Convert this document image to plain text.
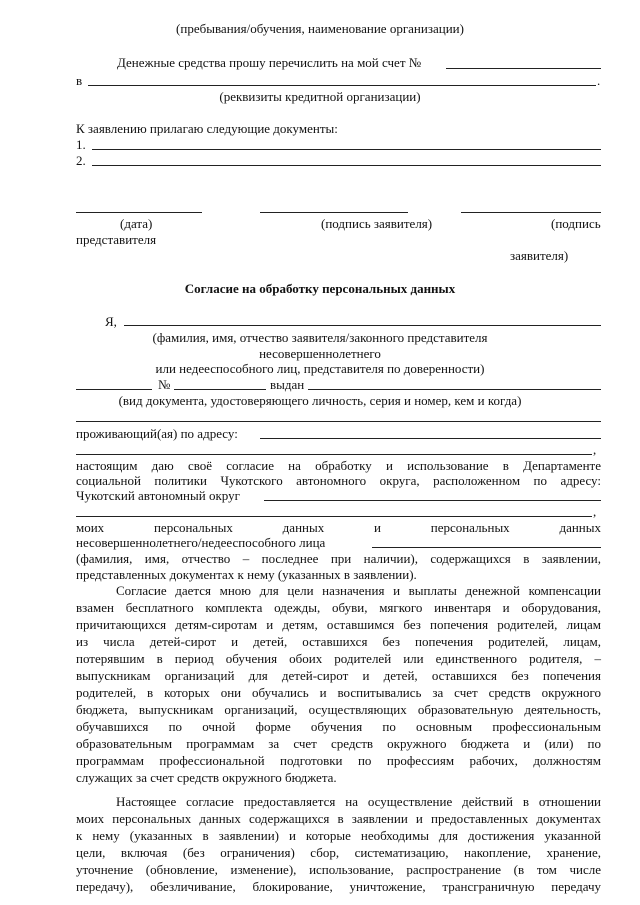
(пребывания/обучения, наименование организации)
Денежные средства прошу перечислить на мой счет №
в	.
(реквизиты кредитной организации)
К заявлению прилагаю следующие документы:
1.
2.
(дата)	(подпись заявителя)	(подпись
представителя
заявителя)
Согласие на обработку персональных данных
Я,
(фамилия, имя, отчество заявителя/законного представителя
несовершеннолетнего
или недееспособного лиц, представителя по доверенности)
№	выдан
(вид документа, удостоверяющего личность, серия и номер, кем и когда)
проживающий(ая) по адресу:
,
настоящим даю своё согласие на обработку и использование в Департаменте
социальной политики Чукотского автономного округа, расположенном по адресу:
Чукотский автономный округ
,
моих персональных данных и персональных данных
несовершеннолетнего/недееспособного лица
(фамилия, имя, отчество – последнее при наличии), содержащихся в заявлении,
представленных документах к нему (указанных в заявлении).
Согласие дается мною для цели назначения и выплаты денежной компенсации
взамен бесплатного комплекта одежды, обуви, мягкого инвентаря и оборудования,
причитающихся детям-сиротам и детям, оставшимся без попечения родителей, лицам
из числа детей-сирот и детей, оставшихся без попечения родителей, лицам,
потерявшим в период обучения обоих родителей или единственного родителя, –
выпускникам организаций для детей-сирот и детей, оставшихся без попечения
родителей, в которых они обучались и воспитывались за счет средств окружного
бюджета, выпускникам организаций, осуществляющих образовательную деятельность,
обучавшихся по очной форме обучения по основным профессиональным
образовательным программам за счет средств окружного бюджета и (или) по
программам профессиональной подготовки по профессиям рабочих, должностям
служащих за счет средств окружного бюджета.
Настоящее согласие предоставляется на осуществление действий в отношении
моих персональных данных содержащихся в заявлении и предоставленных документах
к нему (указанных в заявлении) и которые необходимы для достижения указанной
цели, включая (без ограничения) сбор, систематизацию, накопление, хранение,
уточнение (обновление, изменение), использование, распространение (в том числе
передачу), обезличивание, блокирование, уничтожение, трансграничную передачу
